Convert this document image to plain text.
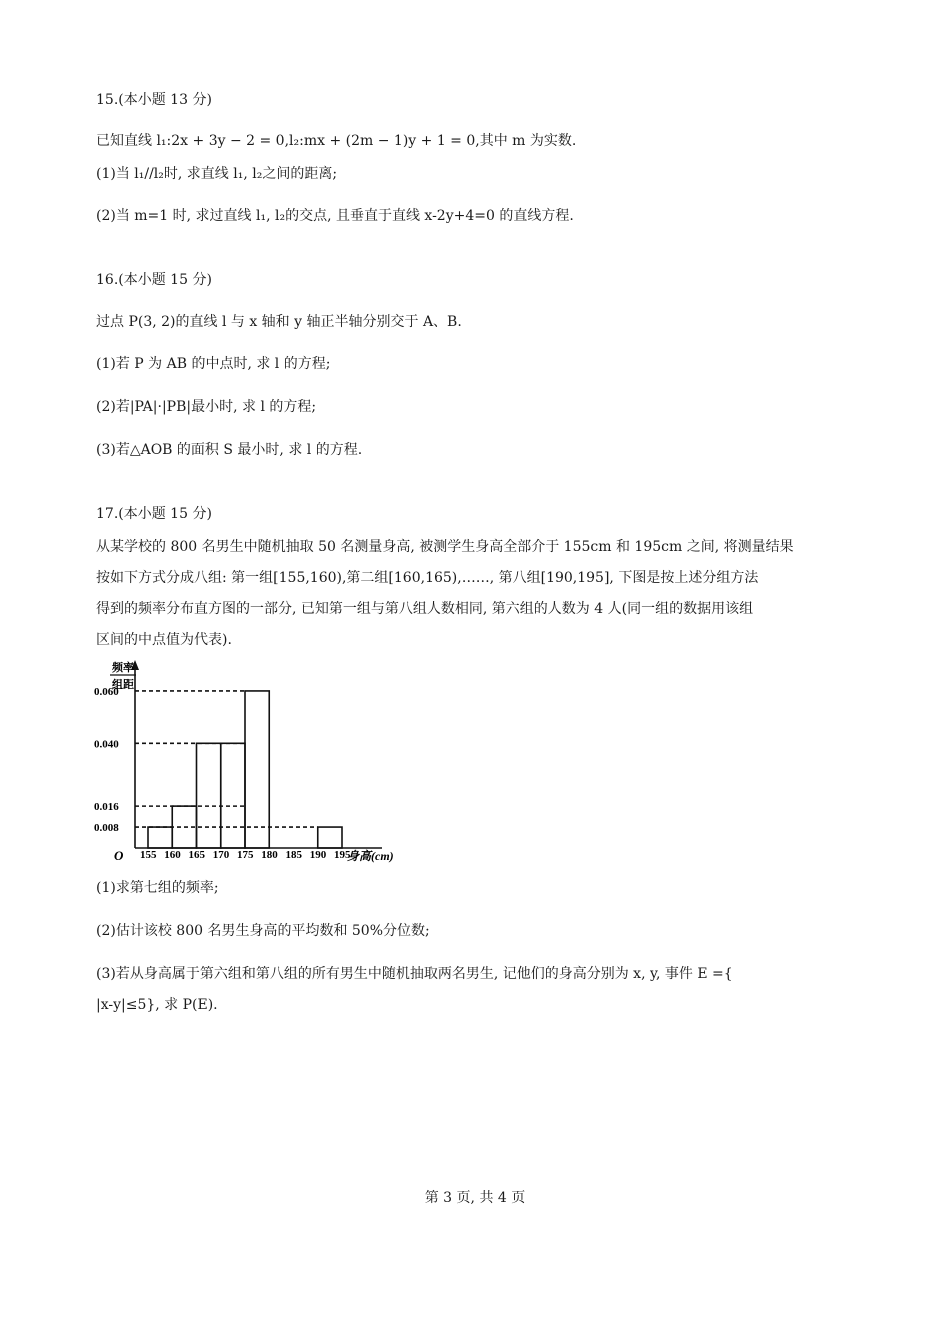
15.(本小题 13 分)
已知直线 l₁:2x + 3y − 2 = 0,l₂:mx + (2m − 1)y + 1 = 0,其中 m 为实数.
(1)当 l₁//l₂时, 求直线 l₁, l₂之间的距离;
(2)当 m=1 时, 求过直线 l₁, l₂的交点, 且垂直于直线 x-2y+4=0 的直线方程.
16.(本小题 15 分)
过点 P(3, 2)的直线 l 与 x 轴和 y 轴正半轴分别交于 A、B.
(1)若 P 为 AB 的中点时, 求 l 的方程;
(2)若|PA|·|PB|最小时, 求 l 的方程;
(3)若△AOB 的面积 S 最小时, 求 l 的方程.
17.(本小题 15 分)
从某学校的 800 名男生中随机抽取 50 名测量身高, 被测学生身高全部介于 155cm 和 195cm 之间, 将测量结果
按如下方式分成八组: 第一组[155,160),第二组[160,165),……, 第八组[190,195], 下图是按上述分组方法
得到的频率分布直方图的一部分, 已知第一组与第八组人数相同, 第六组的人数为 4 人(同一组的数据用该组
区间的中点值为代表).
0.060
0.040
0.016
0.008
155 160 165 170 175 180 185 190 195
频率
组距
O	身高(cm)
(1)求第七组的频率;
(2)估计该校 800 名男生身高的平均数和 50%分位数;
(3)若从身高属于第六组和第八组的所有男生中随机抽取两名男生, 记他们的身高分别为 x, y, 事件 E ={
|x-y|≤5}, 求 P(E).
第 3 页, 共 4 页
